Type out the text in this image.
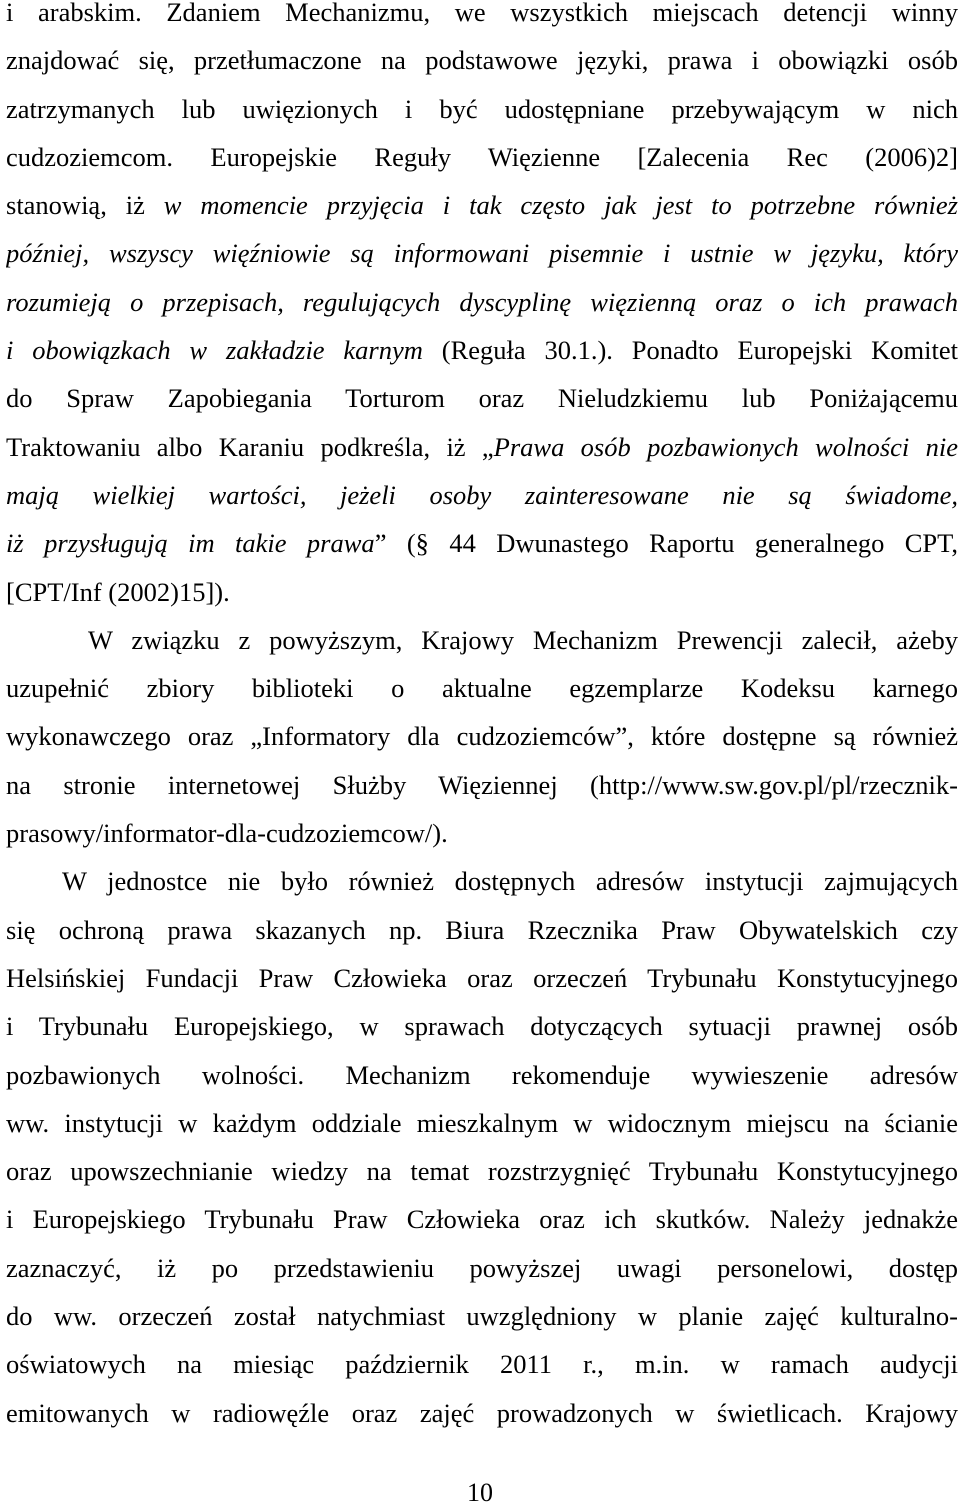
i arabskim. Zdaniem Mechanizmu, we wszystkich miejscach detencji winny
znajdować się, przetłumaczone na podstawowe języki, prawa i obowiązki osób
zatrzymanych lub uwięzionych i być udostępniane przebywającym w nich
cudzoziemcom. Europejskie Reguły Więzienne [Zalecenia Rec (2006)2]
stanowią, iż w momencie przyjęcia i tak często jak jest to potrzebne również
później, wszyscy więźniowie są informowani pisemnie i ustnie w języku, który
rozumieją o przepisach, regulujących dyscyplinę więzienną oraz o ich prawach
i obowiązkach w zakładzie karnym (Reguła 30.1.). Ponadto Europejski Komitet
do Spraw Zapobiegania Torturom oraz Nieludzkiemu lub Poniżającemu
Traktowaniu albo Karaniu podkreśla, iż „Prawa osób pozbawionych wolności nie
mają wielkiej wartości, jeżeli osoby zainteresowane nie są świadome,
iż przysługują im takie prawa” (§ 44 Dwunastego Raportu generalnego CPT,
[CPT/Inf (2002)15]).
W związku z powyższym, Krajowy Mechanizm Prewencji zalecił, ażeby
uzupełnić zbiory biblioteki o aktualne egzemplarze Kodeksu karnego
wykonawczego oraz „Informatory dla cudzoziemców”, które dostępne są również
na stronie internetowej Służby Więziennej (http://www.sw.gov.pl/pl/rzecznik-
prasowy/informator-dla-cudzoziemcow/).
W jednostce nie było również dostępnych adresów instytucji zajmujących
się ochroną prawa skazanych np. Biura Rzecznika Praw Obywatelskich czy
Helsińskiej Fundacji Praw Człowieka oraz orzeczeń Trybunału Konstytucyjnego
i Trybunału Europejskiego, w sprawach dotyczących sytuacji prawnej osób
pozbawionych wolności. Mechanizm rekomenduje wywieszenie adresów
ww. instytucji w każdym oddziale mieszkalnym w widocznym miejscu na ścianie
oraz upowszechnianie wiedzy na temat rozstrzygnięć Trybunału Konstytucyjnego
i Europejskiego Trybunału Praw Człowieka oraz ich skutków. Należy jednakże
zaznaczyć, iż po przedstawieniu powyższej uwagi personelowi, dostęp
do ww. orzeczeń został natychmiast uwzględniony w planie zajęć kulturalno-
oświatowych na miesiąc październik 2011 r., m.in. w ramach audycji
emitowanych w radiowęźle oraz zajęć prowadzonych w świetlicach. Krajowy
10
